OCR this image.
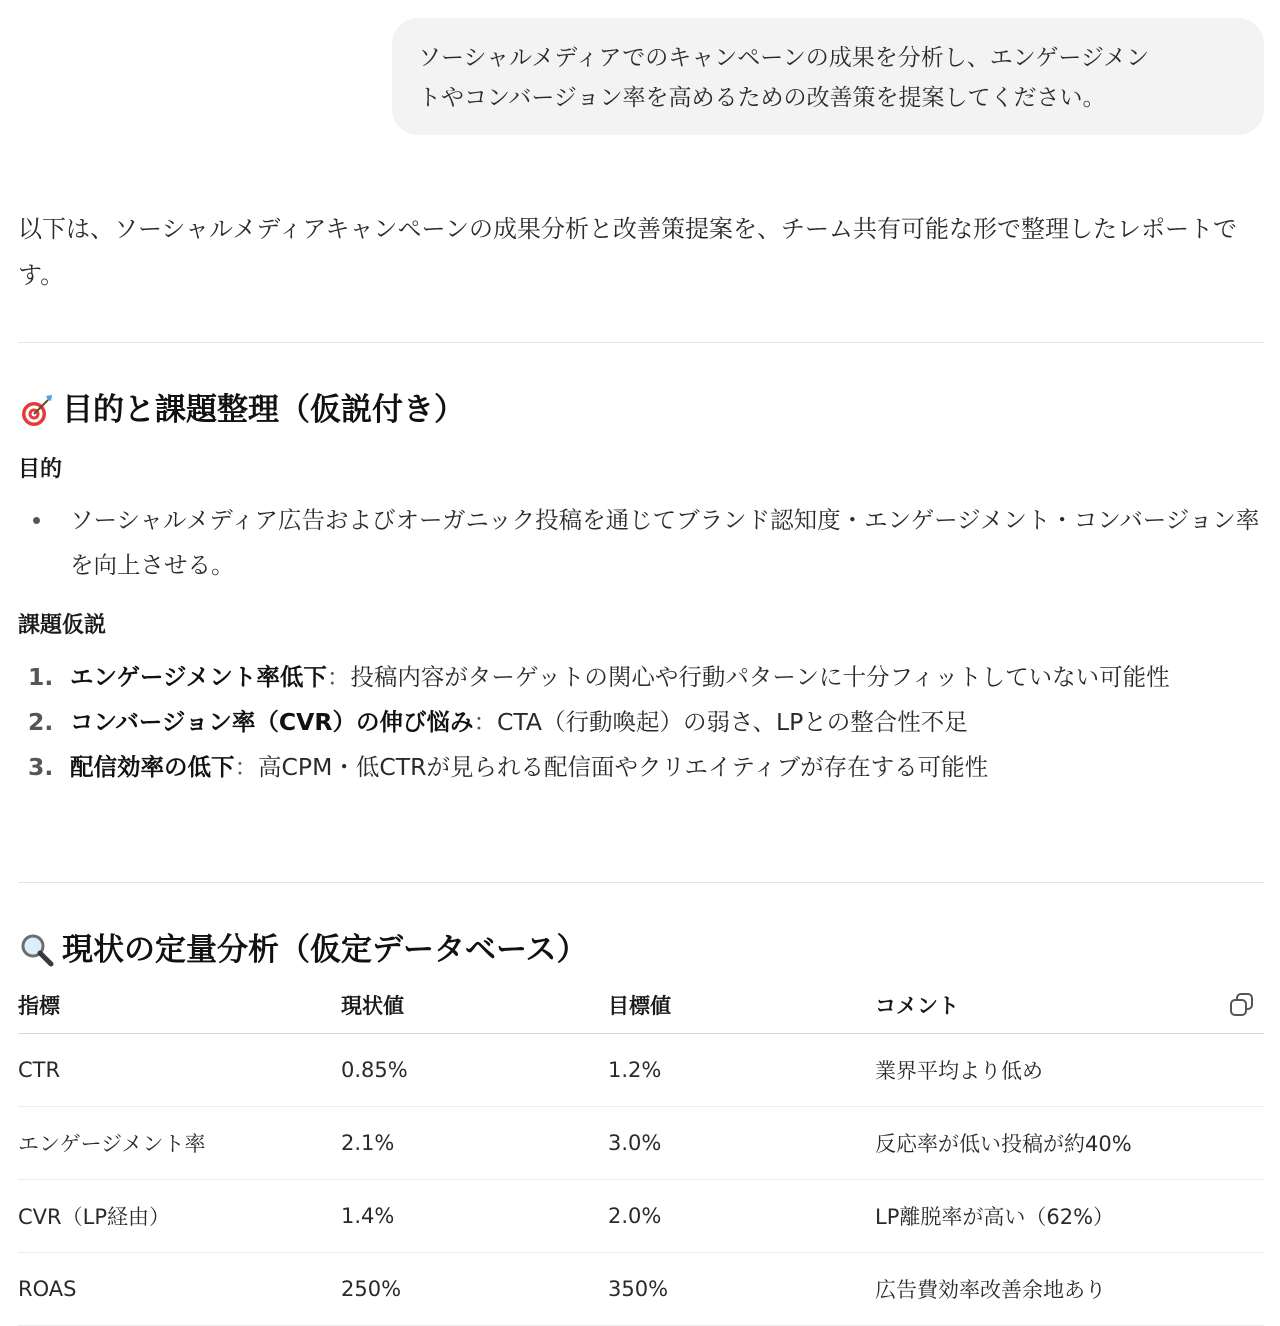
ソーシャルメディアでのキャンペーンの成果を分析し、エンゲージメン
トやコンバージョン率を高めるための改善策を提案してください。

以下は、ソーシャルメディアキャンペーンの成果分析と改善策提案を、チーム共有可能な形で整理したレポートです。

目的と課題整理（仮説付き）
目的
ソーシャルメディア広告およびオーガニック投稿を通じてブランド認知度・エンゲージメント・コンバージョン率を向上させる。
課題仮説
1. エンゲージメント率低下：投稿内容がターゲットの関心や行動パターンに十分フィットしていない可能性
2. コンバージョン率（CVR）の伸び悩み：CTA（行動喚起）の弱さ、LPとの整合性不足
3. 配信効率の低下：高CPM・低CTRが見られる配信面やクリエイティブが存在する可能性
現状の定量分析（仮定データベース）
指標	現状値	目標値	コメント
CTR	0.85%	1.2%	業界平均より低め
エンゲージメント率	2.1%	3.0%	反応率が低い投稿が約40%
CVR（LP経由）	1.4%	2.0%	LP離脱率が高い（62%）
ROAS	250%	350%	広告費効率改善余地あり
